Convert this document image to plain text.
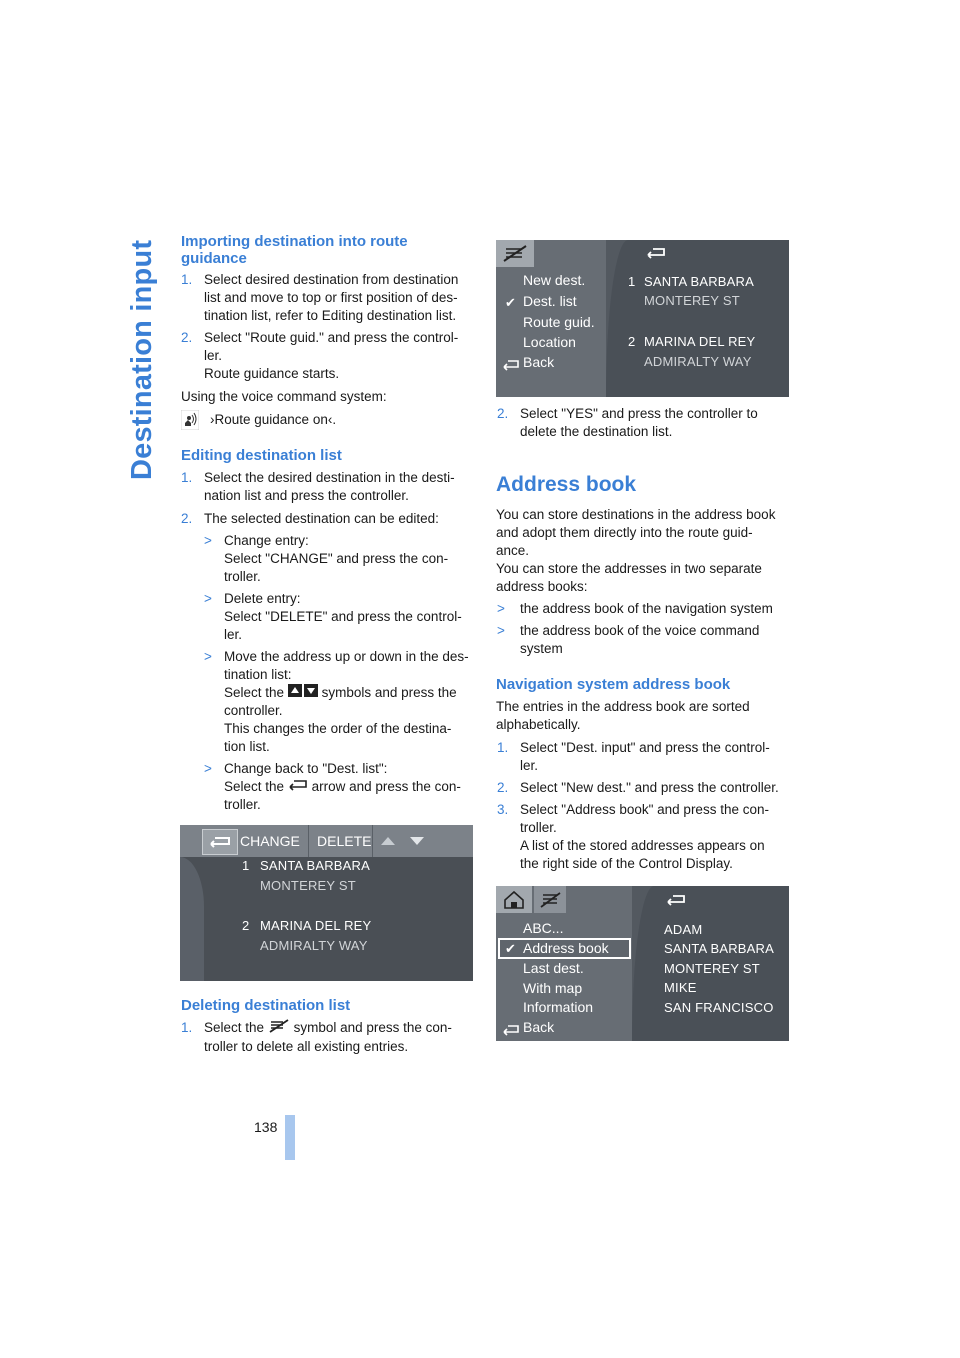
Destination input Importing destination into route
guidance
1. Select desired destination from destination
list and move to top or first position of des-
tination list, refer to Editing destination list.
2. Select "Route guid." and press the control-
ler.
Route guidance starts.
Using the voice command system:
›Route guidance on‹.
Editing destination list
1. Select the desired destination in the desti-
nation list and press the controller.
2. The selected destination can be edited:
> Change entry:
Select "CHANGE" and press the con-
troller.
> Delete entry:
Select "DELETE" and press the control-
ler.
> Move the address up or down in the des-
tination list:
Select the	symbols and press the
controller.
This changes the order of the destina-
tion list.
> Change back to "Dest. list":
Select the arrow and press the con-
troller.
CHANGE DELETE
1 SANTA BARBARA
MONTEREY ST
2 MARINA DEL REY
ADMIRALTY WAY
Deleting destination list
1. Select the symbol and press the con-
troller to delete all existing entries.
New dest.
✔ Dest. list
Route guid.
Location
Back
1 SANTA BARBARA
MONTEREY ST
2 MARINA DEL REY
ADMIRALTY WAY
2. Select "YES" and press the controller to
delete the destination list.
Address book
You can store destinations in the address book
and adopt them directly into the route guid-
ance.
You can store the addresses in two separate
address books:
> the address book of the navigation system
> the address book of the voice command
system
Navigation system address book
The entries in the address book are sorted
alphabetically.
1. Select "Dest. input" and press the control-
ler.
2. Select "New dest." and press the controller.
3. Select "Address book" and press the con-
troller.
A list of the stored addresses appears on
the right side of the Control Display.
ABC...
✔ Address book
Last dest.
With map
Information
Back
ADAM
SANTA BARBARA
MONTEREY ST
MIKE
SAN FRANCISCO
138
